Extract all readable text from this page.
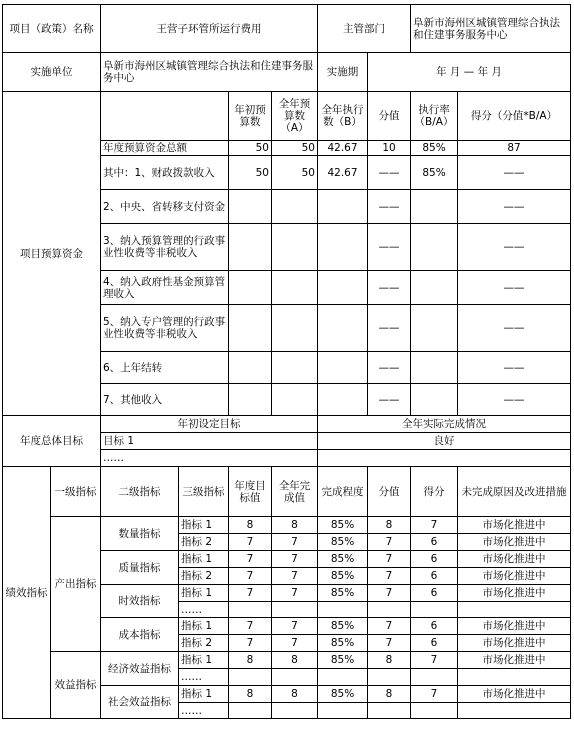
项目（政策）名称		王营子环管所运行费用				主管部门		阜新市海州区城镇管理综合执法和住建事务服务中心	
实施单位		阜新市海州区城镇管理综合执法和住建事务服务中心				实施期	年 月 — 年 月		
项目预算资金				年初预算数	全年预算数（A）	全年执行数（B）	分值	执行率（B/A）	得分（分值*B/A）
		年度预算资金总额		50	50	42.67	10	85%	87
		其中：1、财政拨款收入		50	50	42.67	——	85%	——
		2、中央、省转移支付资金					——		——
		3、纳入预算管理的行政事业性收费等非税收入					——		——
		4、纳入政府性基金预算管理收入					——		——
		5、纳入专户管理的行政事业性收费等非税收入					——		——
		6、上年结转					——		——
		7、其他收入					——		——
年度总体目标		年初设定目标				全年实际完成情况			
		目标 1				良好			
		……							
绩效指标	一级指标	二级指标	三级指标	年度目标值	全年完成值	完成程度	分值	得分	未完成原因及改进措施
	产出指标	数量指标	指标 1	8	8	85%	8	7	市场化推进中
			指标 2	7	7	85%	7	6	市场化推进中
		质量指标	指标 1	7	7	85%	7	6	市场化推进中
			指标 2	7	7	85%	7	6	市场化推进中
		时效指标	指标 1	7	7	85%	7	6	市场化推进中
			……						
		成本指标	指标 1	7	7	85%	7	6	市场化推进中
			指标 2	7	7	85%	7	6	市场化推进中
	效益指标	经济效益指标	指标 1	8	8	85%	8	7	市场化推进中
			……						
		社会效益指标	指标 1	8	8	85%	8	7	市场化推进中
			……						
